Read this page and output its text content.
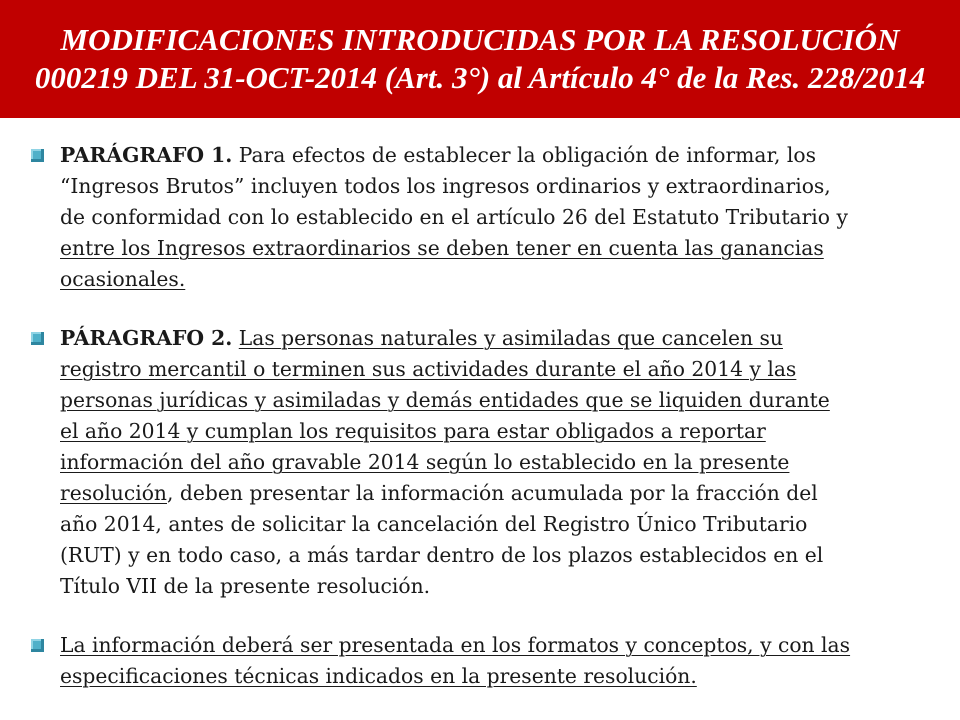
MODIFICACIONES INTRODUCIDAS POR LA RESOLUCIÓN
000219 DEL 31-OCT-2014 (Art. 3°) al Artículo 4° de la Res. 228/2014
PARÁGRAFO 1. Para efectos de establecer la obligación de informar, los
“Ingresos Brutos” incluyen todos los ingresos ordinarios y extraordinarios,
de conformidad con lo establecido en el artículo 26 del Estatuto Tributario y
entre los Ingresos extraordinarios se deben tener en cuenta las ganancias
ocasionales.
PÁRAGRAFO 2. Las personas naturales y asimiladas que cancelen su
registro mercantil o terminen sus actividades durante el año 2014 y las
personas jurídicas y asimiladas y demás entidades que se liquiden durante
el año 2014 y cumplan los requisitos para estar obligados a reportar
información del año gravable 2014 según lo establecido en la presente
resolución, deben presentar la información acumulada por la fracción del
año 2014, antes de solicitar la cancelación del Registro Único Tributario
(RUT) y en todo caso, a más tardar dentro de los plazos establecidos en el
Título VII de la presente resolución.
La información deberá ser presentada en los formatos y conceptos, y con las
especificaciones técnicas indicados en la presente resolución.
